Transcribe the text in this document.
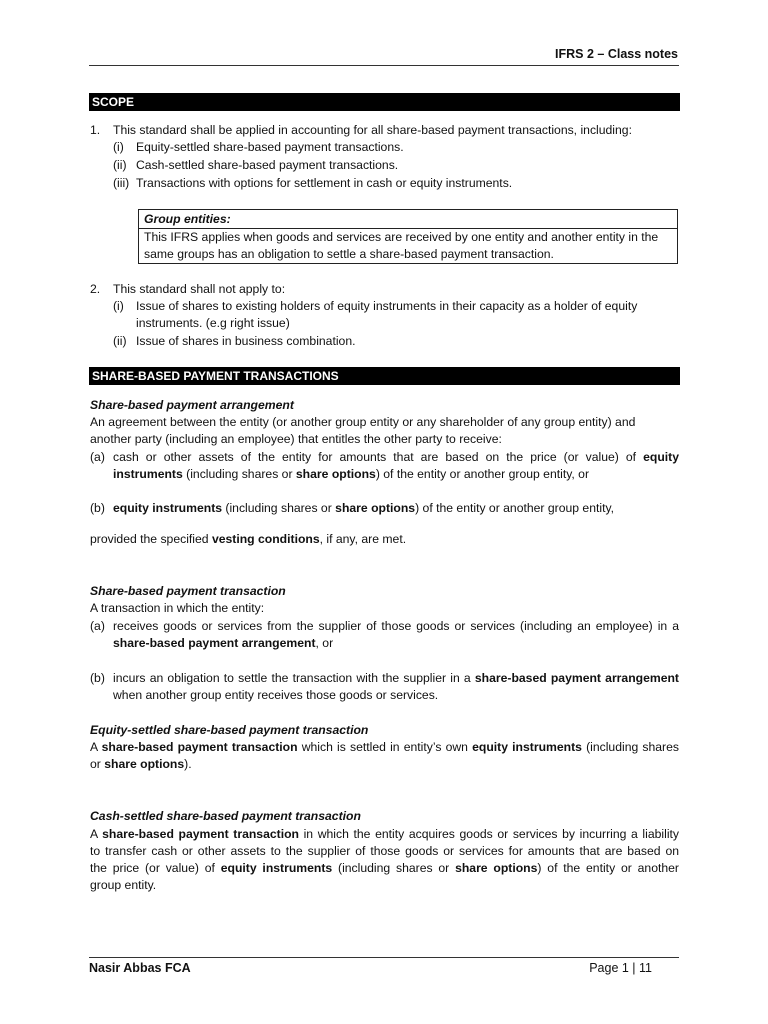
IFRS 2 – Class notes
SCOPE
1. This standard shall be applied in accounting for all share-based payment transactions, including:
(i) Equity-settled share-based payment transactions.
(ii) Cash-settled share-based payment transactions.
(iii) Transactions with options for settlement in cash or equity instruments.
Group entities:
This IFRS applies when goods and services are received by one entity and another entity in the
same groups has an obligation to settle a share-based payment transaction.
2. This standard shall not apply to:
(i) Issue of shares to existing holders of equity instruments in their capacity as a holder of equity
instruments. (e.g right issue)
(ii) Issue of shares in business combination.
SHARE-BASED PAYMENT TRANSACTIONS
Share-based payment arrangement
An agreement between the entity (or another group entity or any shareholder of any group entity) and
another party (including an employee) that entitles the other party to receive:
(a) cash or other assets of the entity for amounts that are based on the price (or value) of equity
instruments (including shares or share options) of the entity or another group entity, or
(b) equity instruments (including shares or share options) of the entity or another group entity,
provided the specified vesting conditions, if any, are met.
Share-based payment transaction
A transaction in which the entity:
(a) receives goods or services from the supplier of those goods or services (including an employee) in a
share-based payment arrangement, or
(b) incurs an obligation to settle the transaction with the supplier in a share-based payment arrangement
when another group entity receives those goods or services.
Equity-settled share-based payment transaction
A share-based payment transaction which is settled in entity’s own equity instruments (including shares
or share options).
Cash-settled share-based payment transaction
A share-based payment transaction in which the entity acquires goods or services by incurring a liability
to transfer cash or other assets to the supplier of those goods or services for amounts that are based on
the price (or value) of equity instruments (including shares or share options) of the entity or another
group entity.
Nasir Abbas FCA	Page 1 | 11
